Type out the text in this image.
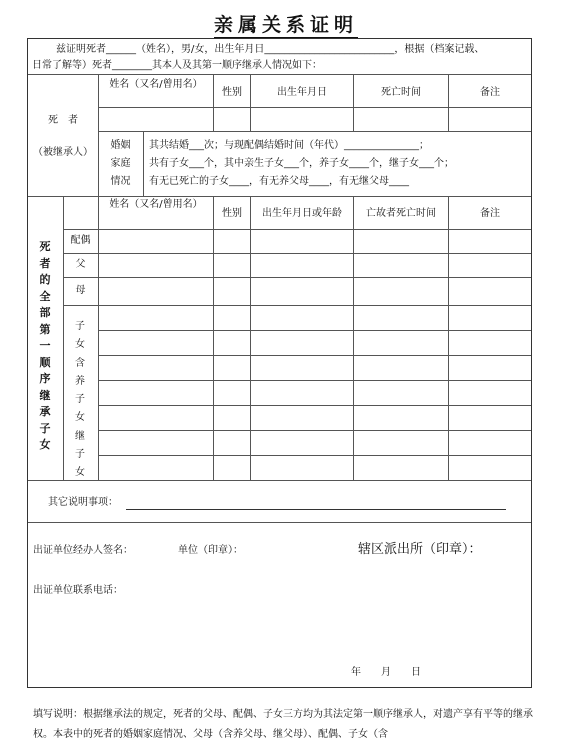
亲属关系证明
兹证明死者______（姓名），男/女，出生年月日__________________________，根据（档案记载、
日常了解等）死者________其本人及其第一顺序继承人情况如下：
姓名（又名/曾用名）
性别	出生年月日	死亡时间	备注
死　者
（被继承人）
婚姻
家庭
情况
其共结婚___次；与现配偶结婚时间（年代）_______________；
共有子女___个，其中亲生子女___个，养子女____个，继子女___个；
有无已死亡的子女____，有无养父母____，有无继父母____
死者的全部第一顺序继承子女
姓名（又名/曾用名）
性别	出生年月日或年龄	亡故者死亡时间	备注
配偶
父
母
子女含养子女继子女
其它说明事项：
出证单位经办人签名：	单位（印章）：	辖区派出所（印章）：
出证单位联系电话：
年　　月　　日
填写说明：根据继承法的规定，死者的父母、配偶、子女三方均为其法定第一顺序继承人，对遗产享有平等的继承权。本表中的死者的婚姻家庭情况、父母（含养父母、继父母）、配偶、子女（含
